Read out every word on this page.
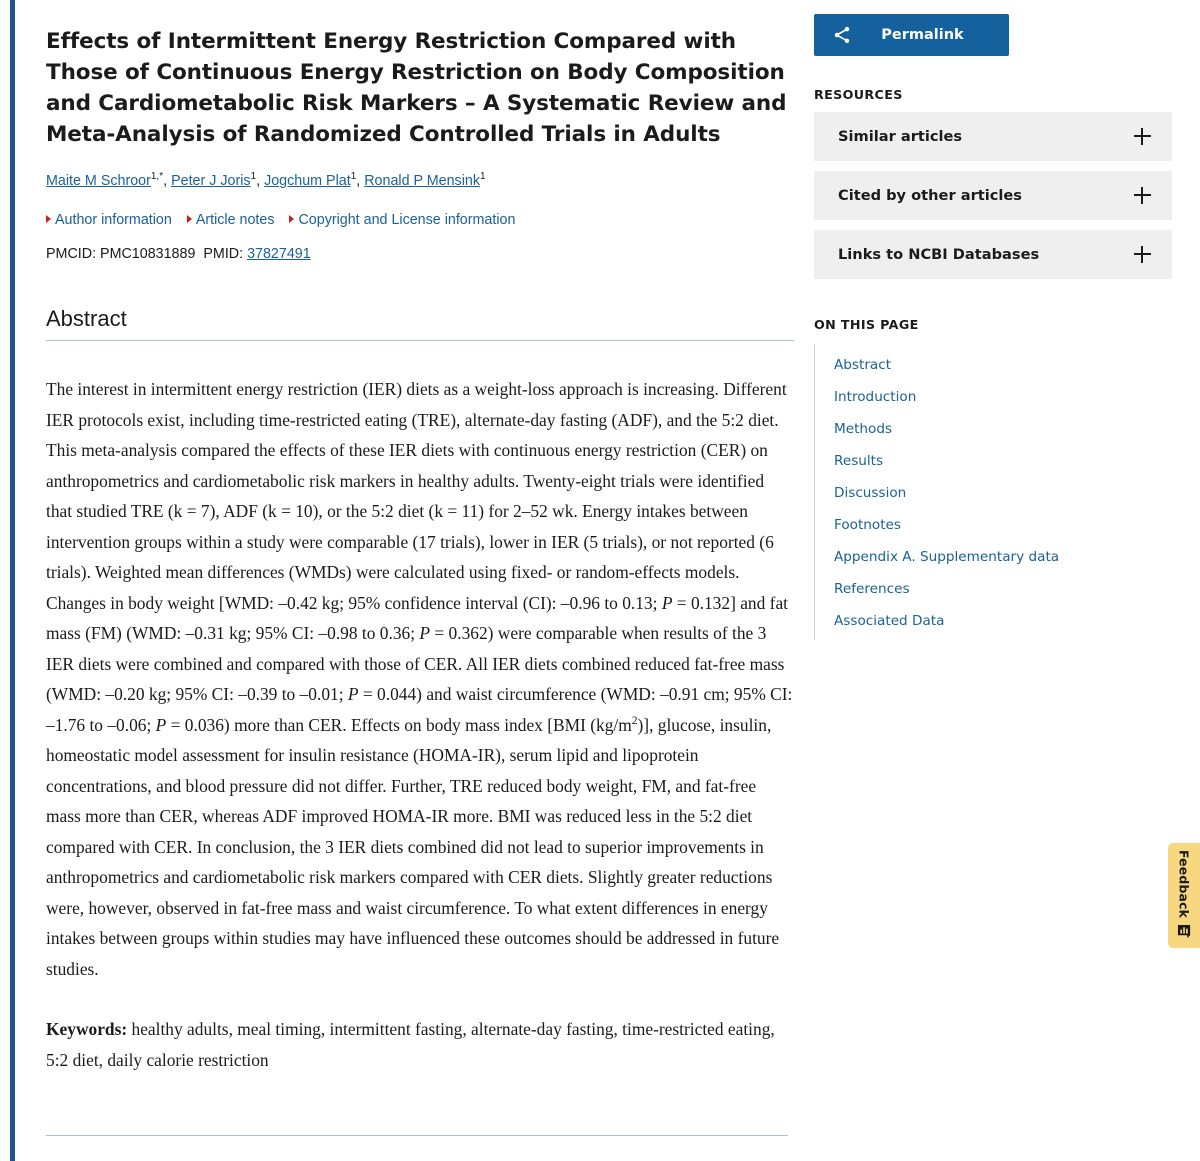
Effects of Intermittent Energy Restriction Compared with Those of Continuous Energy Restriction on Body Composition and Cardiometabolic Risk Markers – A Systematic Review and Meta-Analysis of Randomized Controlled Trials in Adults
Maite M Schroor$^{1,*}$, Peter J Joris$^1$, Jogchum Plat$^1$, Ronald P Mensink$^1$
Author information Article notes Copyright and License information
PMCID: PMC10831889 PMID: 37827491
Abstract

The interest in intermittent energy restriction (IER) diets as a weight-loss approach is increasing. Different IER protocols exist, including time-restricted eating (TRE), alternate-day fasting (ADF), and the 5:2 diet. This meta-analysis compared the effects of these IER diets with continuous energy restriction (CER) on anthropometrics and cardiometabolic risk markers in healthy adults. Twenty-eight trials were identified that studied TRE (k = 7), ADF (k = 10), or the 5:2 diet (k = 11) for 2–52 wk. Energy intakes between intervention groups within a study were comparable (17 trials), lower in IER (5 trials), or not reported (6 trials). Weighted mean differences (WMDs) were calculated using fixed- or random-effects models. Changes in body weight [WMD: –0.42 kg; 95% confidence interval (CI): –0.96 to 0.13; P = 0.132] and fat mass (FM) (WMD: –0.31 kg; 95% CI: –0.98 to 0.36; P = 0.362) were comparable when results of the 3 IER diets were combined and compared with those of CER. All IER diets combined reduced fat-free mass (WMD: –0.20 kg; 95% CI: –0.39 to –0.01; P = 0.044) and waist circumference (WMD: –0.91 cm; 95% CI: –1.76 to –0.06; P = 0.036) more than CER. Effects on body mass index [BMI $(kg/m^2)$], glucose, insulin, homeostatic model assessment for insulin resistance (HOMA-IR), serum lipid and lipoprotein concentrations, and blood pressure did not differ. Further, TRE reduced body weight, FM, and fat-free mass more than CER, whereas ADF improved HOMA-IR more. BMI was reduced less in the 5:2 diet compared with CER. In conclusion, the 3 IER diets combined did not lead to superior improvements in anthropometrics and cardiometabolic risk markers compared with CER diets. Slightly greater reductions were, however, observed in fat-free mass and waist circumference. To what extent differences in energy intakes between groups within studies may have influenced these outcomes should be addressed in future studies.

Keywords: healthy adults, meal timing, intermittent fasting, alternate-day fasting, time-restricted eating, 5:2 diet, daily calorie restriction

Permalink
RESOURCES
Similar articles
Cited by other articles
Links to NCBI Databases
ON THIS PAGE
Abstract
Introduction
Methods
Results
Discussion
Footnotes
Appendix A. Supplementary data
References
Associated Data
Feedback
